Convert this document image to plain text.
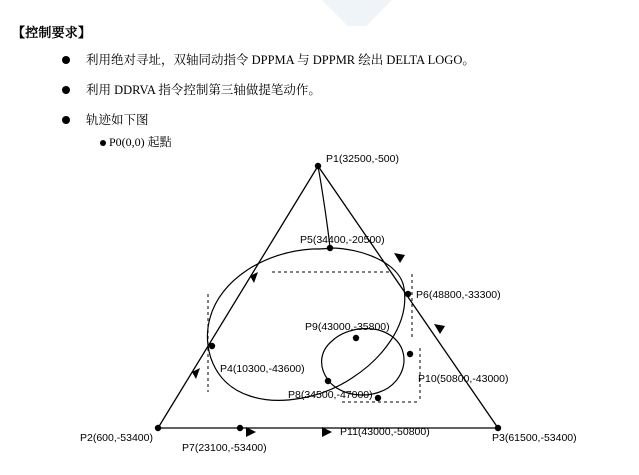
【控制要求】
利用绝对寻址，双轴同动指令 DPPMA 与 DPPMR 绘出 DELTA LOGO。
利用 DDRVA 指令控制第三轴做提笔动作。
轨迹如下图
P0(0,0) 起點
P1(32500,-500)
P5(34400,-20500)
P6(48800,-33300)
P9(43000,-35800)
P4(10300,-43600)
P10(50800,-43000)
P8(34500,-47000)
P11(43000,-50800)
P2(600,-53400)
P7(23100,-53400)
P3(61500,-53400)
